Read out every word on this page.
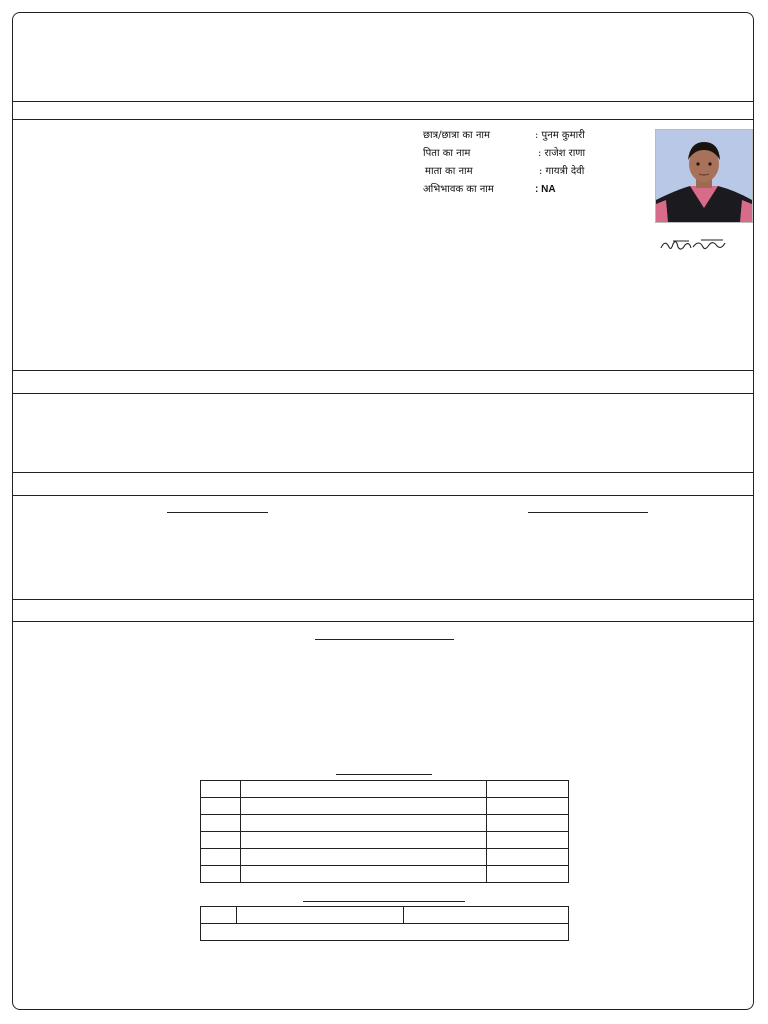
छात्र/छात्रा का नाम	: पुनम कुमारी
पिता का नाम	: राजेश राणा
माता का नाम	: गायत्री देवी
अभिभावक का नाम	: NA
